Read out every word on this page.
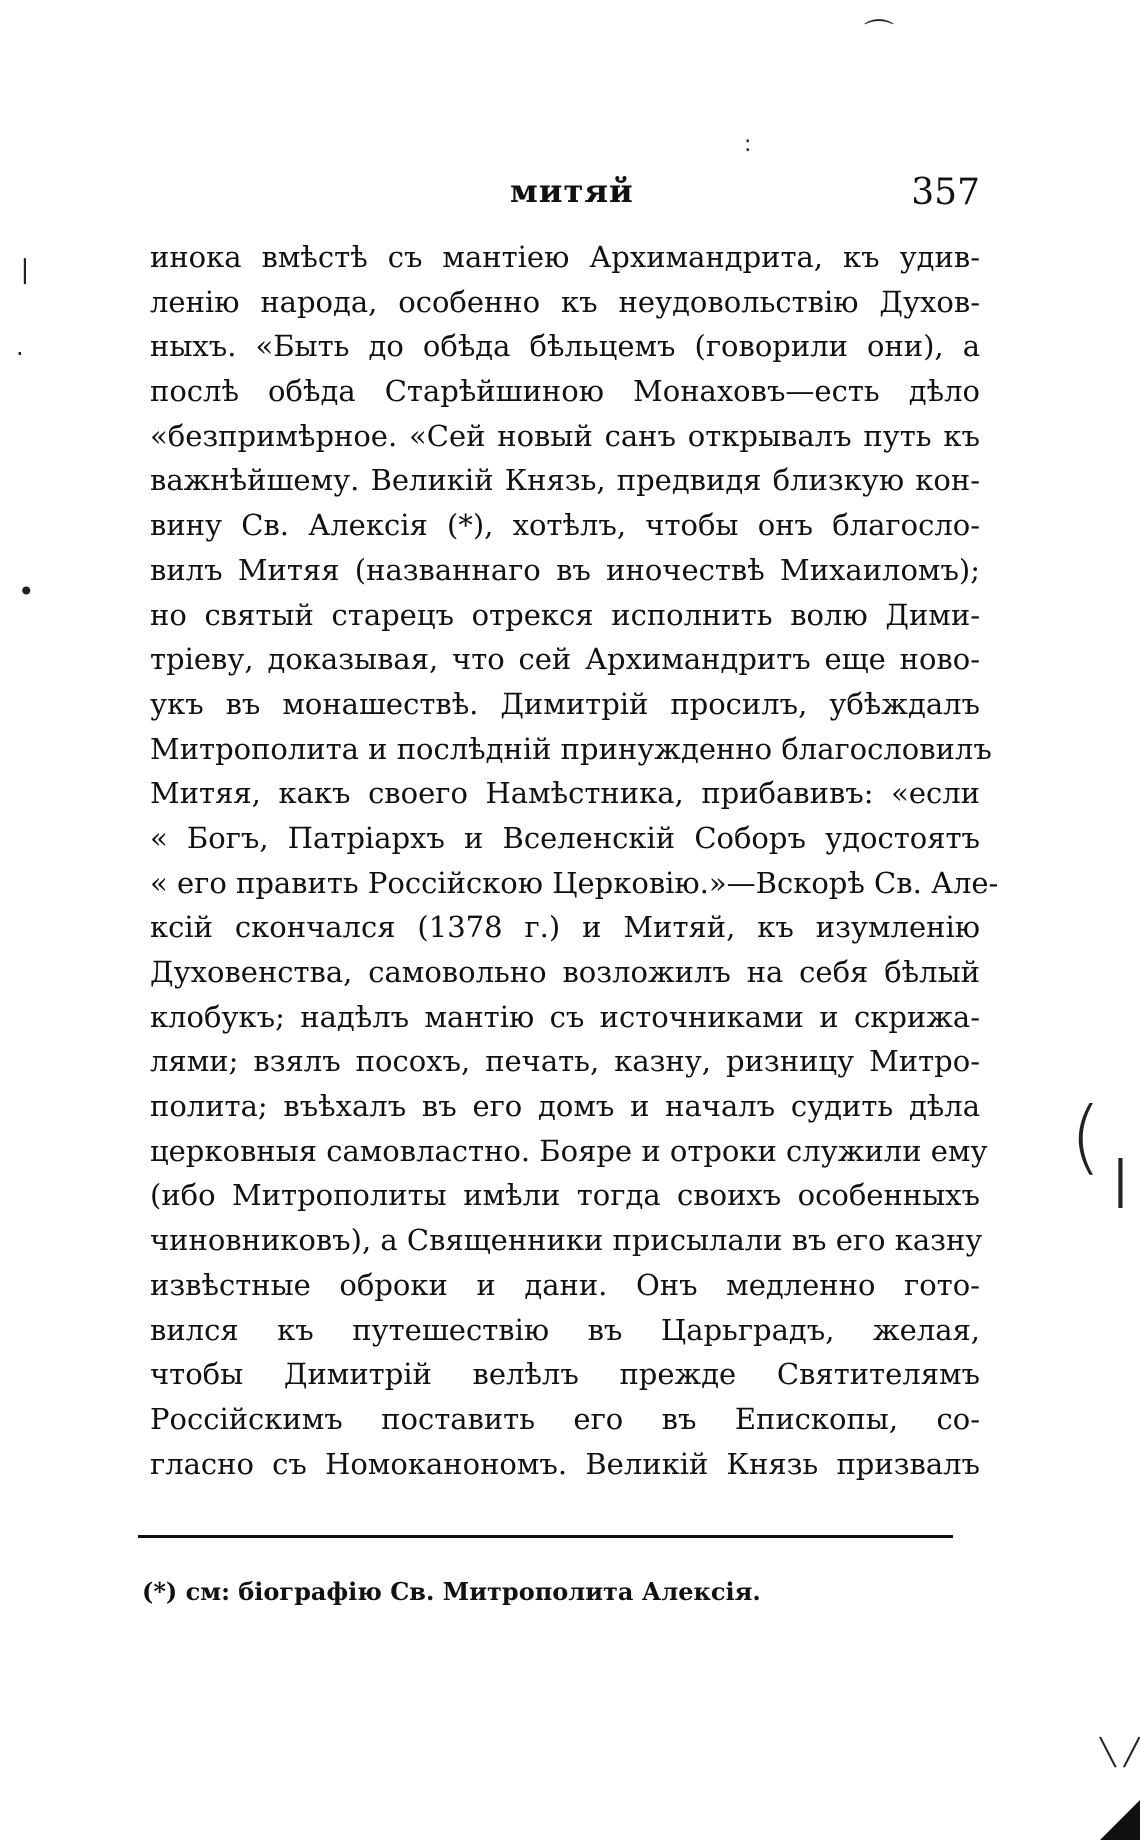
⌒
:
❘
·
•
( |
╲ ╱
митяй	357
инока вмѣстѣ съ мантiею Архимандрита, къ удив-
ленiю народа, особенно къ неудовольствiю Духов-
ныхъ. «Быть до обѣда бѣльцемъ (говорили они), а
послѣ обѣда Старѣйшиною Монаховъ—есть дѣло
«безпримѣрное. «Сей новый санъ открывалъ путь къ
важнѣйшему. Великiй Князь, предвидя близкую кон-
вину Св. Алексiя (*), хотѣлъ, чтобы онъ благосло-
вилъ Митяя (названнаго въ иночествѣ Михаиломъ);
но святый старецъ отрекся исполнить волю Дими-
трiеву, доказывая, что сей Архимандритъ еще ново-
укъ въ монашествѣ. Димитрiй просилъ, убѣждалъ
Митрополита и послѣднiй принужденно благословилъ
Митяя, какъ своего Намѣстника, прибавивъ: «если
« Богъ, Патрiархъ и Вселенскiй Соборъ удостоятъ
« его править Россiйскою Церковiю.»—Вскорѣ Св. Але-
ксiй скончался (1378 г.) и Митяй, къ изумленiю
Духовенства, самовольно возложилъ на себя бѣлый
клобукъ; надѣлъ мантiю съ источниками и скрижа-
лями; взялъ посохъ, печать, казну, ризницу Митро-
полита; въѣхалъ въ его домъ и началъ судить дѣла
церковныя самовластно. Бояре и отроки служили ему
(ибо Митрополиты имѣли тогда своихъ особенныхъ
чиновниковъ), а Священники присылали въ его казну
извѣстные оброки и дани. Онъ медленно гото-
вился къ путешествiю въ Царьградъ, желая,
чтобы Димитрiй велѣлъ прежде Святителямъ
Россiйскимъ поставить его въ Епископы, со-
гласно съ Номоканономъ. Великiй Князь призвалъ
(*) см: бiографiю Св. Митрополита Алексiя.
